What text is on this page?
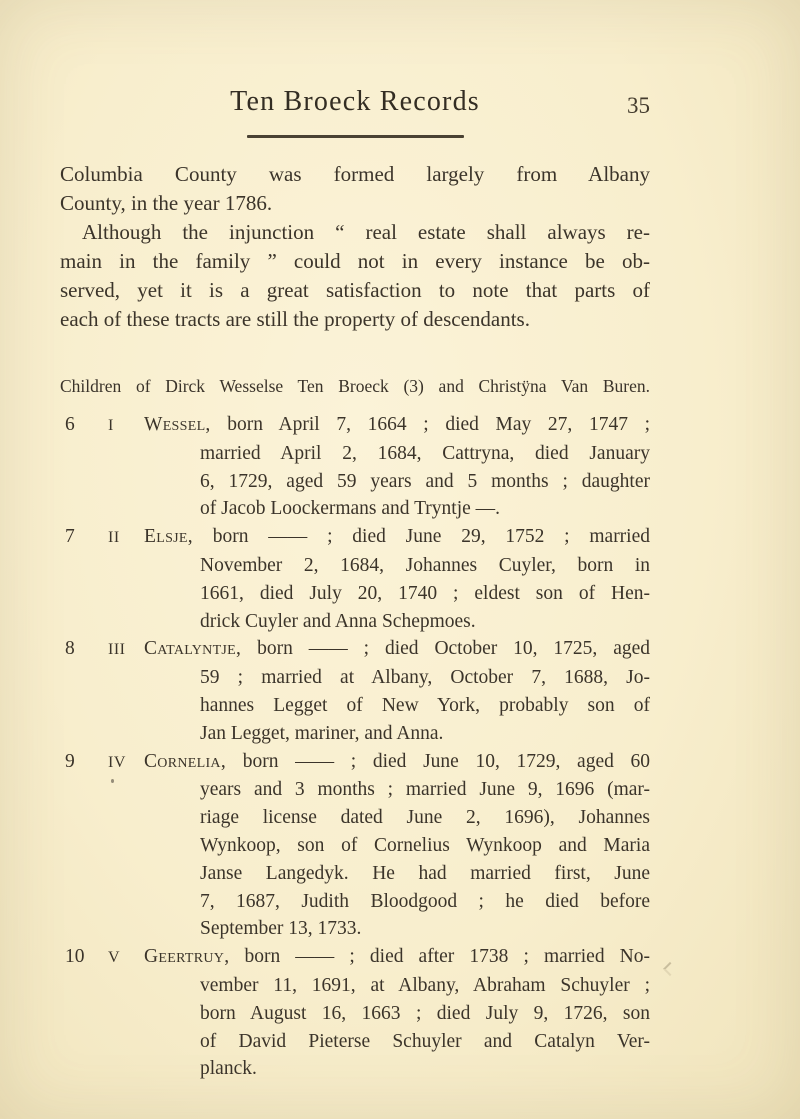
Ten Broeck Records	35
Columbia County was formed largely from Albany
County, in the year 1786.
Although the injunction “ real estate shall always re-
main in the family ” could not in every instance be ob-
served, yet it is a great satisfaction to note that parts of
each of these tracts are still the property of descendants.
Children of Dirck Wesselse Ten Broeck (3) and Christÿna Van Buren.
6 I Wessel, born April 7, 1664 ; died May 27, 1747 ;
married April 2, 1684, Cattryna, died January
6, 1729, aged 59 years and 5 months ; daughter
of Jacob Loockermans and Tryntje —.
7 II Elsje, born —— ; died June 29, 1752 ; married
November 2, 1684, Johannes Cuyler, born in
1661, died July 20, 1740 ; eldest son of Hen-
drick Cuyler and Anna Schepmoes.
8 III Catalyntje, born —— ; died October 10, 1725, aged
59 ; married at Albany, October 7, 1688, Jo-
hannes Legget of New York, probably son of
Jan Legget, mariner, and Anna.
9 IV Cornelia, born —— ; died June 10, 1729, aged 60
years and 3 months ; married June 9, 1696 (mar-
riage license dated June 2, 1696), Johannes
Wynkoop, son of Cornelius Wynkoop and Maria
Janse Langedyk. He had married first, June
7, 1687, Judith Bloodgood ; he died before
September 13, 1733.
10 V Geertruy, born —— ; died after 1738 ; married No-
vember 11, 1691, at Albany, Abraham Schuyler ;
born August 16, 1663 ; died July 9, 1726, son
of David Pieterse Schuyler and Catalyn Ver-
planck.
